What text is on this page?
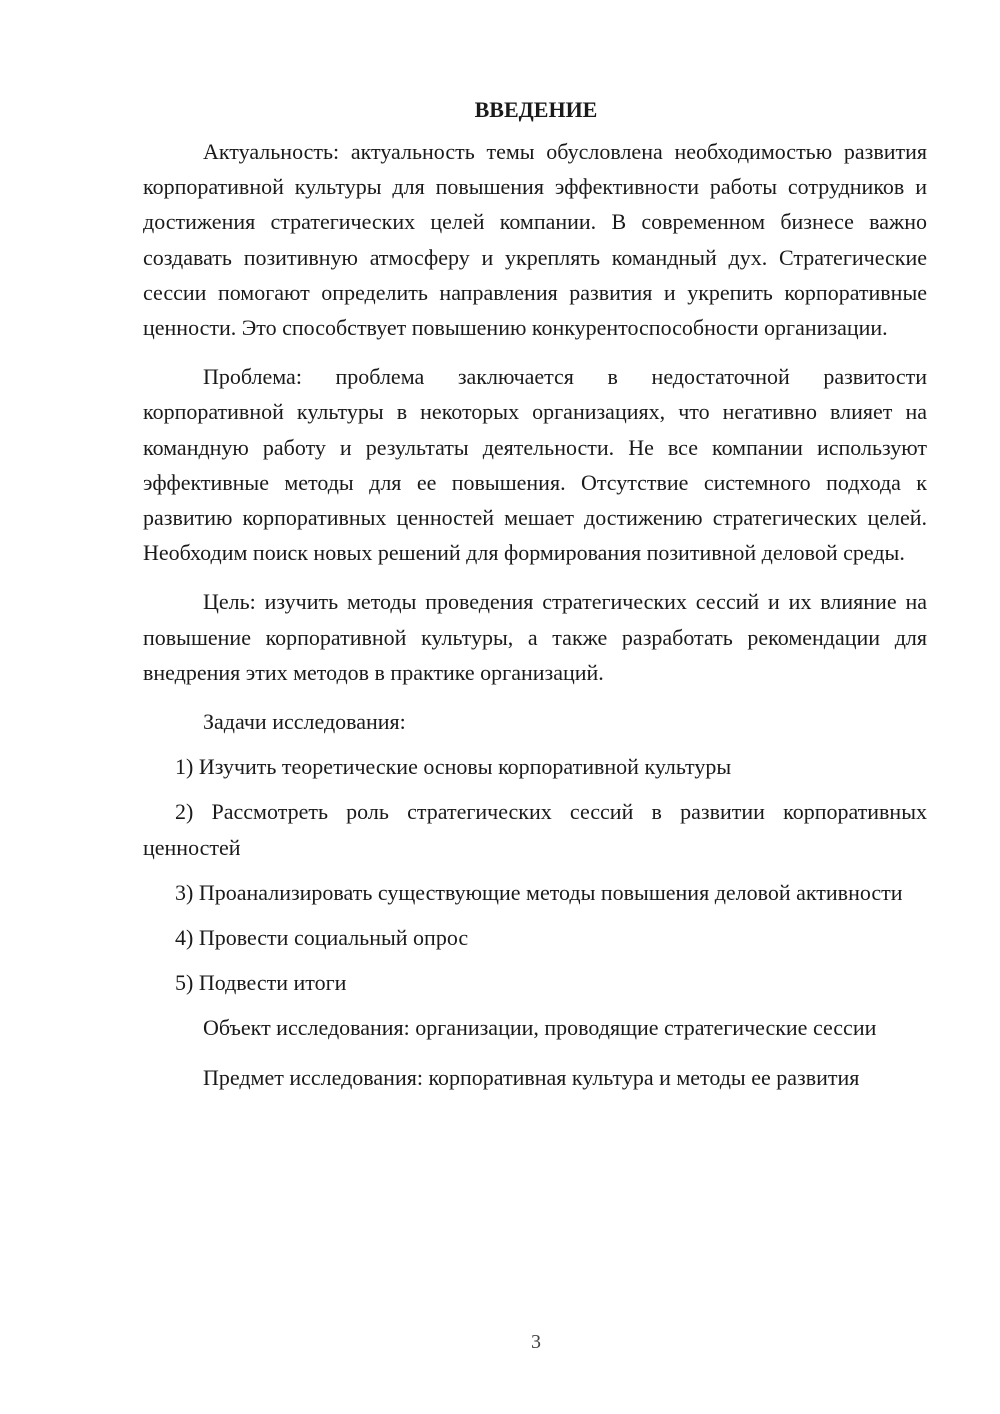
ВВЕДЕНИЕ

Актуальность: актуальность темы обусловлена необходимостью развития корпоративной культуры для повышения эффективности работы сотрудников и достижения стратегических целей компании. В современном бизнесе важно создавать позитивную атмосферу и укреплять командный дух. Стратегические сессии помогают определить направления развития и укрепить корпоративные ценности. Это способствует повышению конкурентоспособности организации.

Проблема: проблема заключается в недостаточной развитости корпоративной культуры в некоторых организациях, что негативно влияет на командную работу и результаты деятельности. Не все компании используют эффективные методы для ее повышения. Отсутствие системного подхода к развитию корпоративных ценностей мешает достижению стратегических целей. Необходим поиск новых решений для формирования позитивной деловой среды.

Цель: изучить методы проведения стратегических сессий и их влияние на повышение корпоративной культуры, а также разработать рекомендации для внедрения этих методов в практике организаций.

Задачи исследования:

1) Изучить теоретические основы корпоративной культуры

2) Рассмотреть роль стратегических сессий в развитии корпоративных ценностей

3) Проанализировать существующие методы повышения деловой активности

4) Провести социальный опрос

5) Подвести итоги

Объект исследования: организации, проводящие стратегические сессии

Предмет исследования: корпоративная культура и методы ее развития

3
